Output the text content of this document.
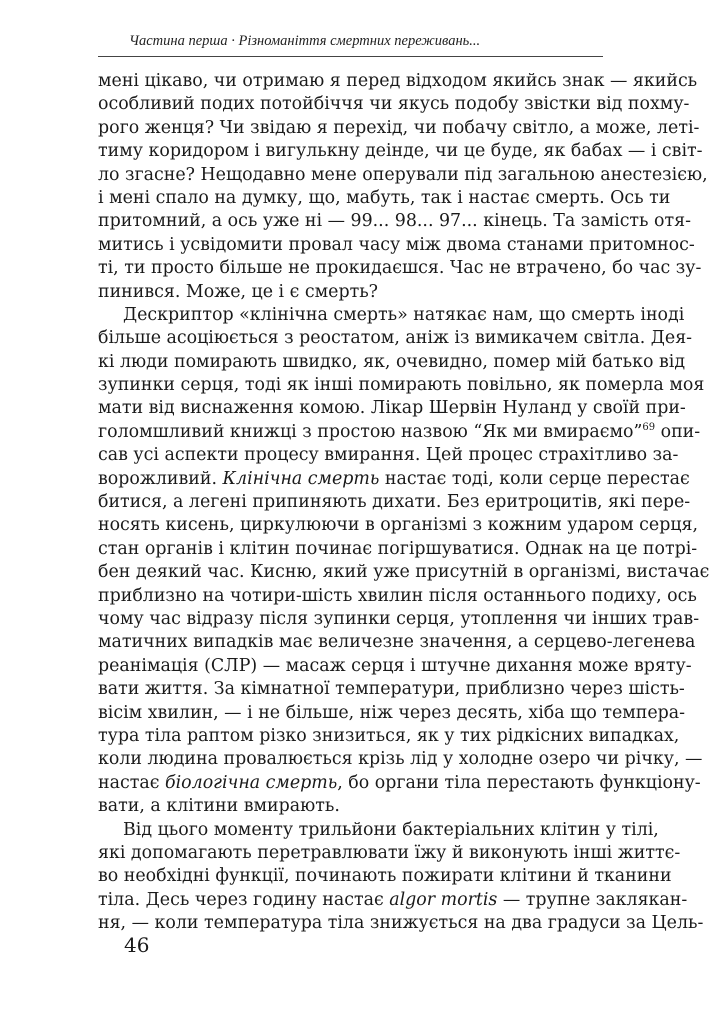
Частина перша · Різноманіття смертних переживань...
мені цікаво, чи отримаю я перед відходом якийсь знак — якийсь
особливий подих потойбіччя чи якусь подобу звістки від похму-
рого женця? Чи звідаю я перехід, чи побачу світло, а може, леті-
тиму коридором і вигулькну деінде, чи це буде, як бабах — і світ-
ло згасне? Нещодавно мене оперували під загальною анестезією,
і мені спало на думку, що, мабуть, так і настає смерть. Ось ти
притомний, а ось уже ні — 99... 98... 97... кінець. Та замість отя-
митись і усвідомити провал часу між двома станами притомнос-
ті, ти просто більше не прокидаєшся. Час не втрачено, бо час зу-
пинився. Може, це і є смерть?
Дескриптор «клінічна смерть» натякає нам, що смерть іноді
більше асоціюється з реостатом, аніж із вимикачем світла. Дея-
кі люди помирають швидко, як, очевидно, помер мій батько від
зупинки серця, тоді як інші помирають повільно, як померла моя
мати від виснаження комою. Лікар Шервін Нуланд у своїй при-
голомшливий книжці з простою назвою “Як ми вмираємо”$^{69}$ опи-
сав усі аспекти процесу вмирання. Цей процес страхітливо за-
ворожливий. Клінічна смерть настає тоді, коли серце перестає
битися, а легені припиняють дихати. Без еритроцитів, які пере-
носять кисень, циркулюючи в організмі з кожним ударом серця,
стан органів і клітин починає погіршуватися. Однак на це потрі-
бен деякий час. Кисню, який уже присутній в організмі, вистачає
приблизно на чотири-шість хвилин після останнього подиху, ось
чому час відразу після зупинки серця, утоплення чи інших трав-
матичних випадків має величезне значення, а серцево-легенева
реанімація (СЛР) — масаж серця і штучне дихання може вряту-
вати життя. За кімнатної температури, приблизно через шість-
вісім хвилин, — і не більше, ніж через десять, хіба що темпера-
тура тіла раптом різко знизиться, як у тих рідкісних випадках,
коли людина провалюється крізь лід у холодне озеро чи річку, —
настає біологічна смерть, бо органи тіла перестають функціону-
вати, а клітини вмирають.
Від цього моменту трильйони бактеріальних клітин у тілі,
які допомагають перетравлювати їжу й виконують інші життє-
во необхідні функції, починають пожирати клітини й тканини
тіла. Десь через годину настає algor mortis — трупне заклякан-
ня, — коли температура тіла знижується на два градуси за Цель-
46
